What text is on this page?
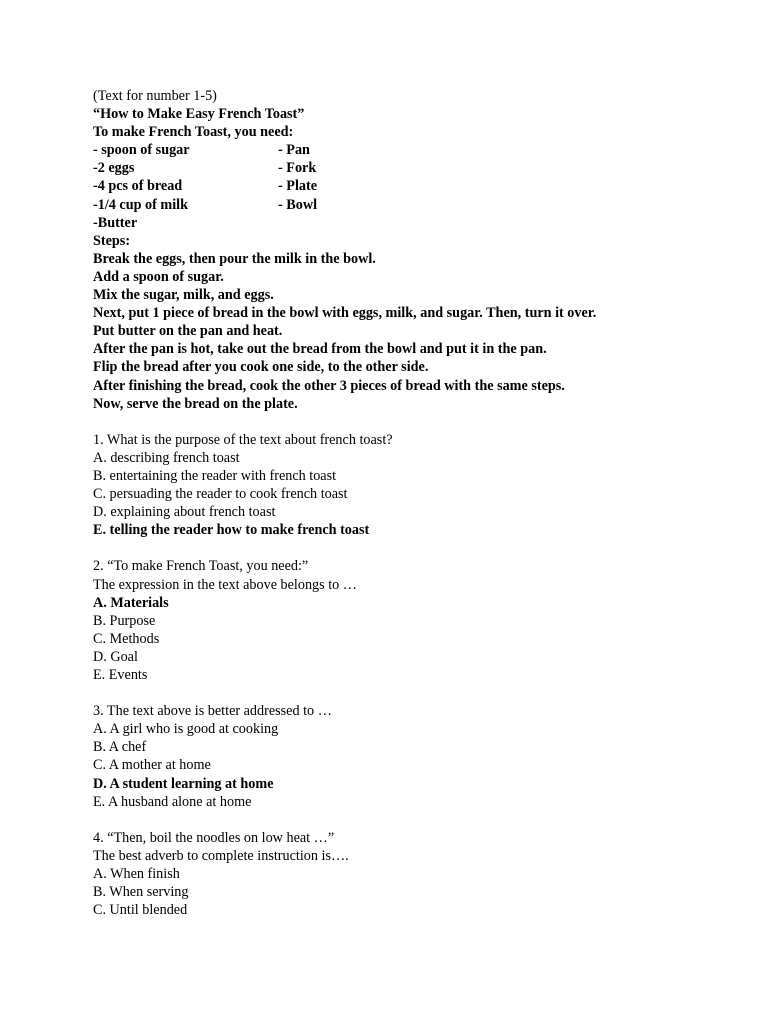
(Text for number 1-5)
“How to Make Easy French Toast”
To make French Toast, you need:
- spoon of sugar	- Pan
-2 eggs	- Fork
-4 pcs of bread	- Plate
-1/4 cup of milk	- Bowl
-Butter
Steps:
Break the eggs, then pour the milk in the bowl.
Add a spoon of sugar.
Mix the sugar, milk, and eggs.
Next, put 1 piece of bread in the bowl with eggs, milk, and sugar. Then, turn it over.
Put butter on the pan and heat.
After the pan is hot, take out the bread from the bowl and put it in the pan.
Flip the bread after you cook one side, to the other side.
After finishing the bread, cook the other 3 pieces of bread with the same steps.
Now, serve the bread on the plate.
1. What is the purpose of the text about french toast?
A. describing french toast
B. entertaining the reader with french toast
C. persuading the reader to cook french toast
D. explaining about french toast
E. telling the reader how to make french toast
2. “To make French Toast, you need:”
The expression in the text above belongs to …
A. Materials
B. Purpose
C. Methods
D. Goal
E. Events
3. The text above is better addressed to …
A. A girl who is good at cooking
B. A chef
C. A mother at home
D. A student learning at home
E. A husband alone at home
4. “Then, boil the noodles on low heat …”
The best adverb to complete instruction is….
A. When finish
B. When serving
C. Until blended
